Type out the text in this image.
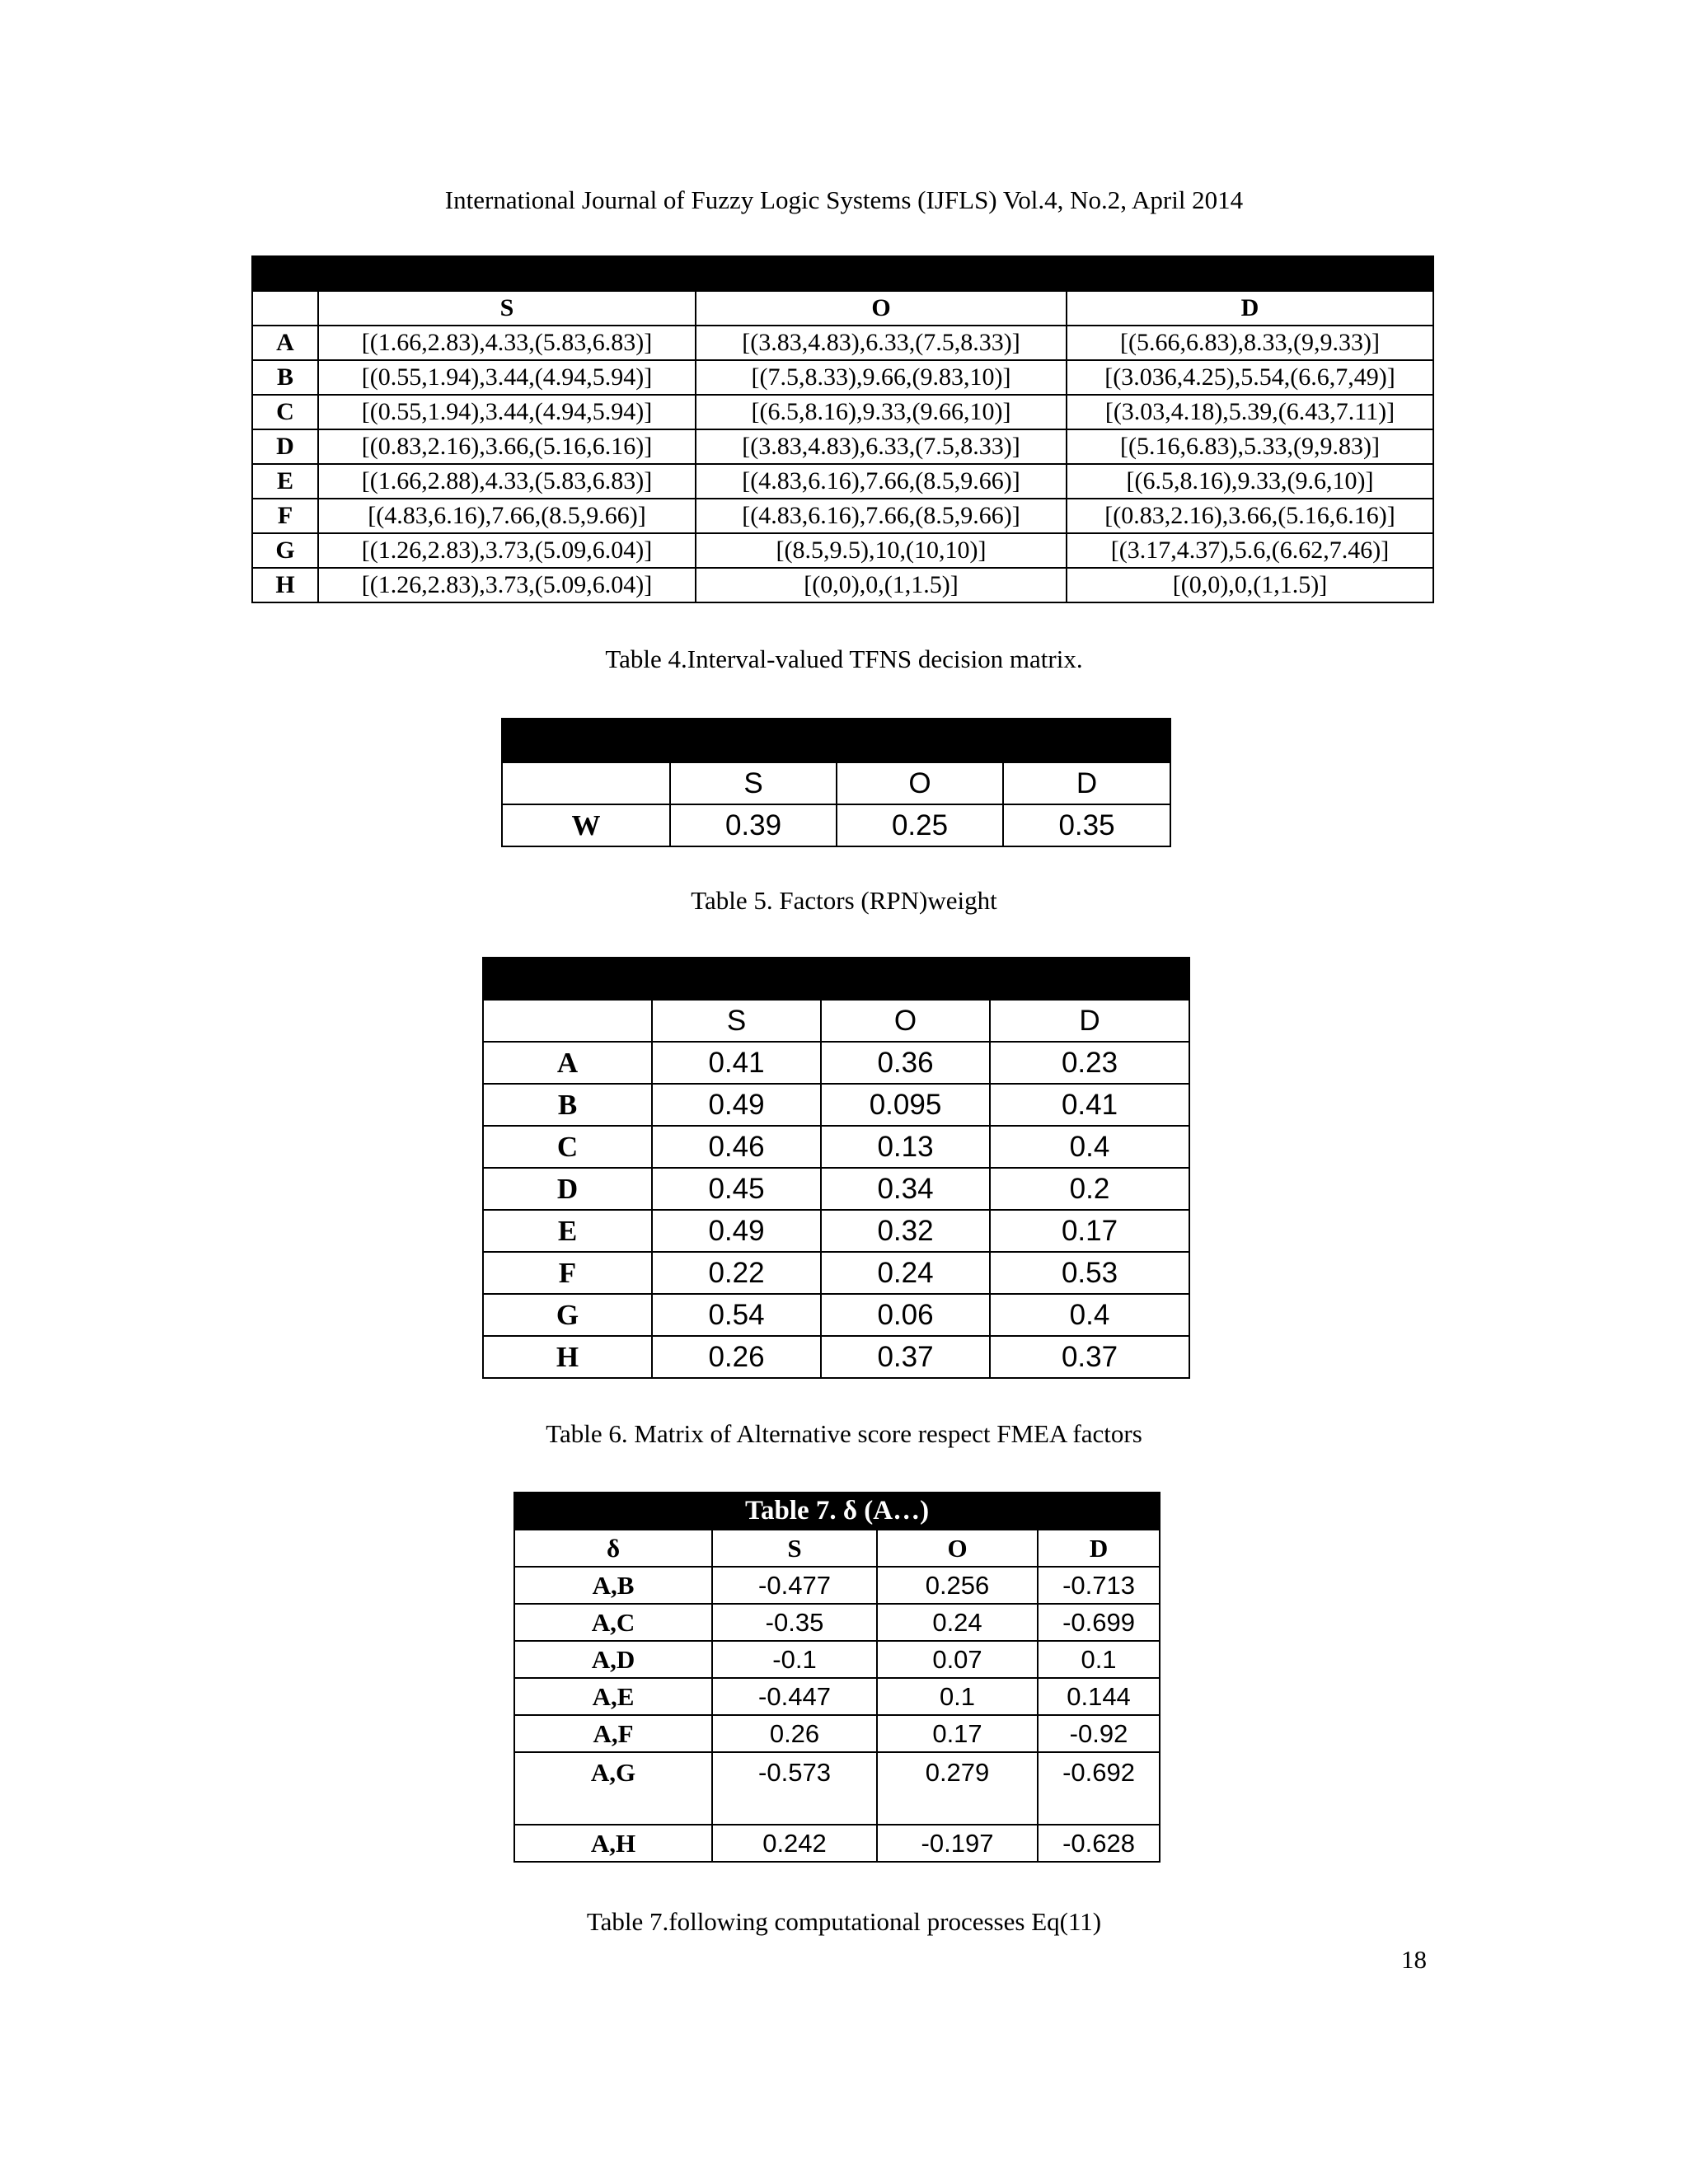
International Journal of Fuzzy Logic Systems (IJFLS) Vol.4, No.2, April 2014

	S	O	D
A	[(1.66,2.83),4.33,(5.83,6.83)]	[(3.83,4.83),6.33,(7.5,8.33)]	[(5.66,6.83),8.33,(9,9.33)]
B	[(0.55,1.94),3.44,(4.94,5.94)]	[(7.5,8.33),9.66,(9.83,10)]	[(3.036,4.25),5.54,(6.6,7,49)]
C	[(0.55,1.94),3.44,(4.94,5.94)]	[(6.5,8.16),9.33,(9.66,10)]	[(3.03,4.18),5.39,(6.43,7.11)]
D	[(0.83,2.16),3.66,(5.16,6.16)]	[(3.83,4.83),6.33,(7.5,8.33)]	[(5.16,6.83),5.33,(9,9.83)]
E	[(1.66,2.88),4.33,(5.83,6.83)]	[(4.83,6.16),7.66,(8.5,9.66)]	[(6.5,8.16),9.33,(9.6,10)]
F	[(4.83,6.16),7.66,(8.5,9.66)]	[(4.83,6.16),7.66,(8.5,9.66)]	[(0.83,2.16),3.66,(5.16,6.16)]
G	[(1.26,2.83),3.73,(5.09,6.04)]	[(8.5,9.5),10,(10,10)]	[(3.17,4.37),5.6,(6.62,7.46)]
H	[(1.26,2.83),3.73,(5.09,6.04)]	[(0,0),0,(1,1.5)]	[(0,0),0,(1,1.5)]
Table 4.Interval-valued TFNS decision matrix.

	S	O	D
W	0.39	0.25	0.35
Table 5. Factors (RPN)weight

	S	O	D
A	0.41	0.36	0.23
B	0.49	0.095	0.41
C	0.46	0.13	0.4
D	0.45	0.34	0.2
E	0.49	0.32	0.17
F	0.22	0.24	0.53
G	0.54	0.06	0.4
H	0.26	0.37	0.37
Table 6. Matrix of Alternative score respect FMEA factors
Table 7. δ (A…)			
δ	S	O	D
A,B	-0.477	0.256	-0.713
A,C	-0.35	0.24	-0.699
A,D	-0.1	0.07	0.1
A,E	-0.447	0.1	0.144
A,F	0.26	0.17	-0.92
A,G	-0.573	0.279	-0.692
A,H	0.242	-0.197	-0.628
Table 7.following computational processes Eq(11)
18
